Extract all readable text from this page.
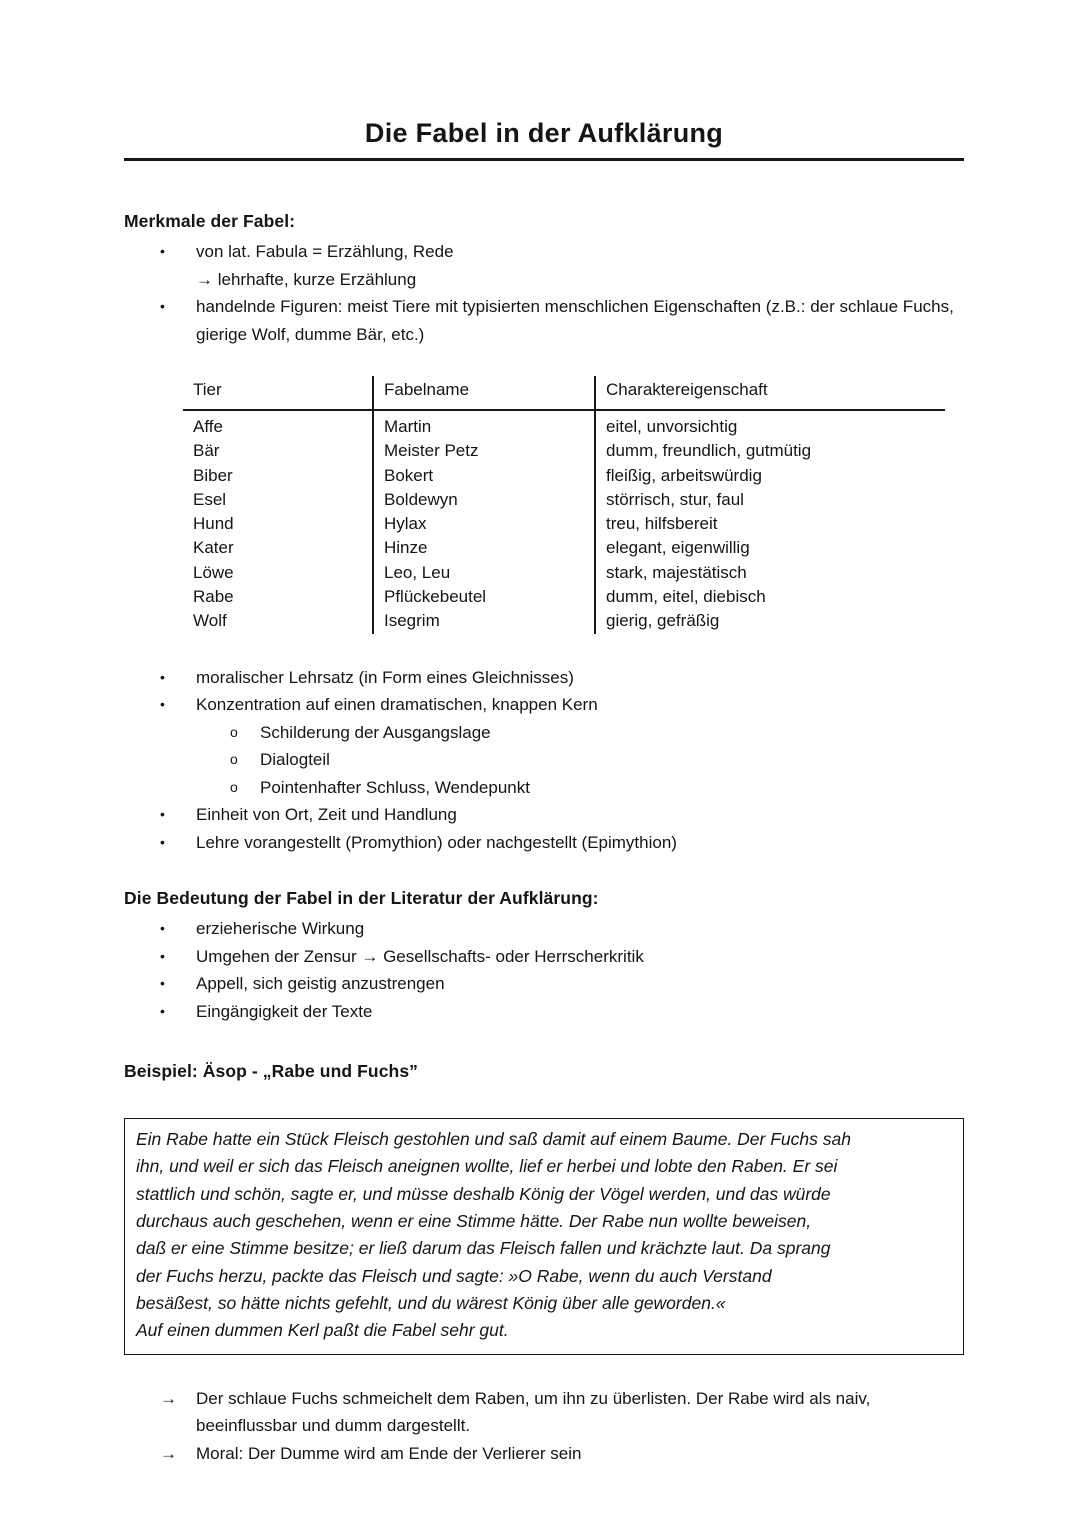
Die Fabel in der Aufklärung
Merkmale der Fabel:
•	von lat. Fabula = Erzählung, Rede
→ lehrhafte, kurze Erzählung
•	handelnde Figuren: meist Tiere mit typisierten menschlichen Eigenschaften (z.B.: der schlaue Fuchs, gierige Wolf, dumme Bär, etc.)
Tier	Fabelname	Charaktereigenschaft
Affe	Martin	eitel, unvorsichtig
Bär	Meister Petz	dumm, freundlich, gutmütig
Biber	Bokert	fleißig, arbeitswürdig
Esel	Boldewyn	störrisch, stur, faul
Hund	Hylax	treu, hilfsbereit
Kater	Hinze	elegant, eigenwillig
Löwe	Leo, Leu	stark, majestätisch
Rabe	Pflückebeutel	dumm, eitel, diebisch
Wolf	Isegrim	gierig, gefräßig
•	moralischer Lehrsatz (in Form eines Gleichnisses)
•	Konzentration auf einen dramatischen, knappen Kern
o	Schilderung der Ausgangslage
o	Dialogteil
o	Pointenhafter Schluss, Wendepunkt
•	Einheit von Ort, Zeit und Handlung
•	Lehre vorangestellt (Promythion) oder nachgestellt (Epimythion)
Die Bedeutung der Fabel in der Literatur der Aufklärung:
•	erzieherische Wirkung
•	Umgehen der Zensur → Gesellschafts- oder Herrscherkritik
•	Appell, sich geistig anzustrengen
•	Eingängigkeit der Texte
Beispiel: Äsop - „Rabe und Fuchs”
Ein Rabe hatte ein Stück Fleisch gestohlen und saß damit auf einem Baume. Der Fuchs sah
ihn, und weil er sich das Fleisch aneignen wollte, lief er herbei und lobte den Raben. Er sei
stattlich und schön, sagte er, und müsse deshalb König der Vögel werden, und das würde
durchaus auch geschehen, wenn er eine Stimme hätte. Der Rabe nun wollte beweisen,
daß er eine Stimme besitze; er ließ darum das Fleisch fallen und krächzte laut. Da sprang
der Fuchs herzu, packte das Fleisch und sagte: »O Rabe, wenn du auch Verstand
besäßest, so hätte nichts gefehlt, und du wärest König über alle geworden.«
Auf einen dummen Kerl paßt die Fabel sehr gut.
→	Der schlaue Fuchs schmeichelt dem Raben, um ihn zu überlisten. Der Rabe wird als naiv, beeinflussbar und dumm dargestellt.
→	Moral: Der Dumme wird am Ende der Verlierer sein
